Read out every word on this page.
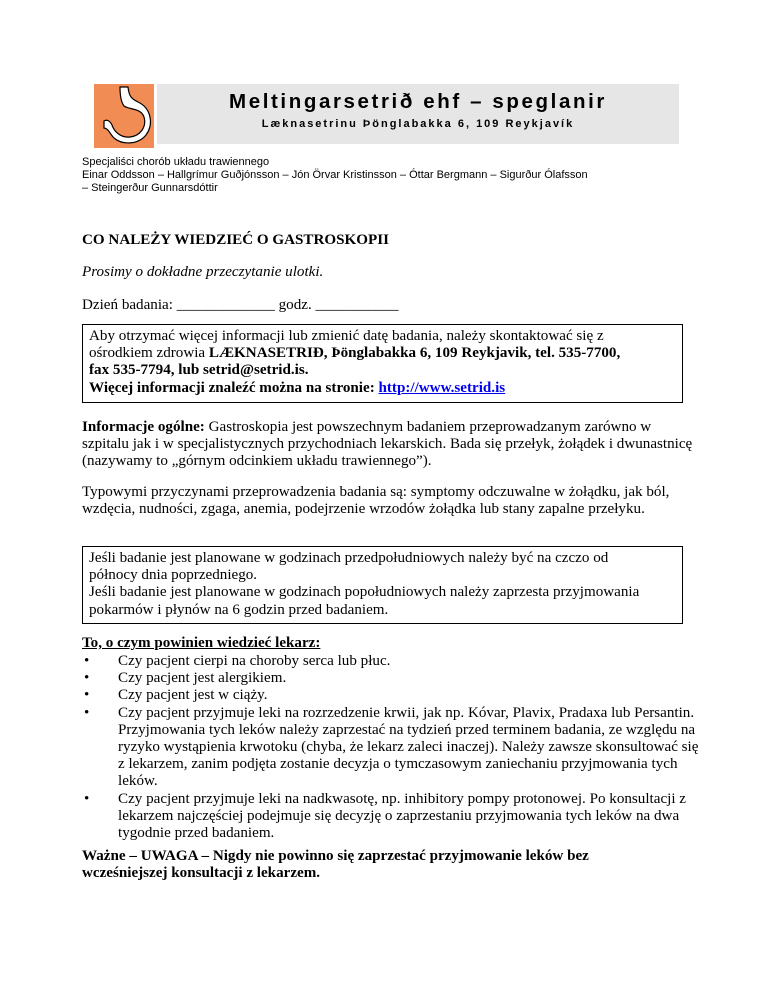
Meltingarsetrið ehf – speglanir
Læknasetrinu Þönglabakka 6, 109 Reykjavík
Specjaliści chorób układu trawiennego
Einar Oddsson – Hallgrímur Guðjónsson – Jón Örvar Kristinsson – Óttar Bergmann – Sigurður Ólafsson
– Steingerður Gunnarsdóttir
CO NALEŻY WIEDZIEĆ O GASTROSKOPII
Prosimy o dokładne przeczytanie ulotki.
Dzień badania: _____________ godz. ___________
Aby otrzymać więcej informacji lub zmienić datę badania, należy skontaktować się z
ośrodkiem zdrowia LÆKNASETRIÐ, Þönglabakka 6, 109 Reykjavik, tel. 535-7700,
fax 535-7794, lub setrid@setrid.is.
Więcej informacji znaleźć można na stronie: http://www.setrid.is
Informacje ogólne: Gastroskopia jest powszechnym badaniem przeprowadzanym zarówno w szpitalu jak i w specjalistycznych przychodniach lekarskich. Bada się przełyk, żołądek i dwunastnicę (nazywamy to „górnym odcinkiem układu trawiennego”).
Typowymi przyczynami przeprowadzenia badania są: symptomy odczuwalne w żołądku, jak ból, wzdęcia, nudności, zgaga, anemia, podejrzenie wrzodów żołądka lub stany zapalne przełyku.
Jeśli badanie jest planowane w godzinach przedpołudniowych należy być na czczo od
północy dnia poprzedniego.
Jeśli badanie jest planowane w godzinach popołudniowych należy zaprzesta przyjmowania
pokarmów i płynów na 6 godzin przed badaniem.
To, o czym powinien wiedzieć lekarz:
• Czy pacjent cierpi na choroby serca lub płuc.
• Czy pacjent jest alergikiem.
• Czy pacjent jest w ciąży.
• Czy pacjent przyjmuje leki na rozrzedzenie krwii, jak np. Kóvar, Plavix, Pradaxa lub Persantin. Przyjmowania tych leków należy zaprzestać na tydzień przed terminem badania, ze względu na ryzyko wystąpienia krwotoku (chyba, że lekarz zaleci inaczej). Należy zawsze skonsultować się z lekarzem, zanim podjęta zostanie decyzja o tymczasowym zaniechaniu przyjmowania tych leków.
• Czy pacjent przyjmuje leki na nadkwasotę, np. inhibitory pompy protonowej. Po konsultacji z lekarzem najczęściej podejmuje się decyzję o zaprzestaniu przyjmowania tych leków na dwa tygodnie przed badaniem.
Ważne – UWAGA – Nigdy nie powinno się zaprzestać przyjmowanie leków bez wcześniejszej konsultacji z lekarzem.
